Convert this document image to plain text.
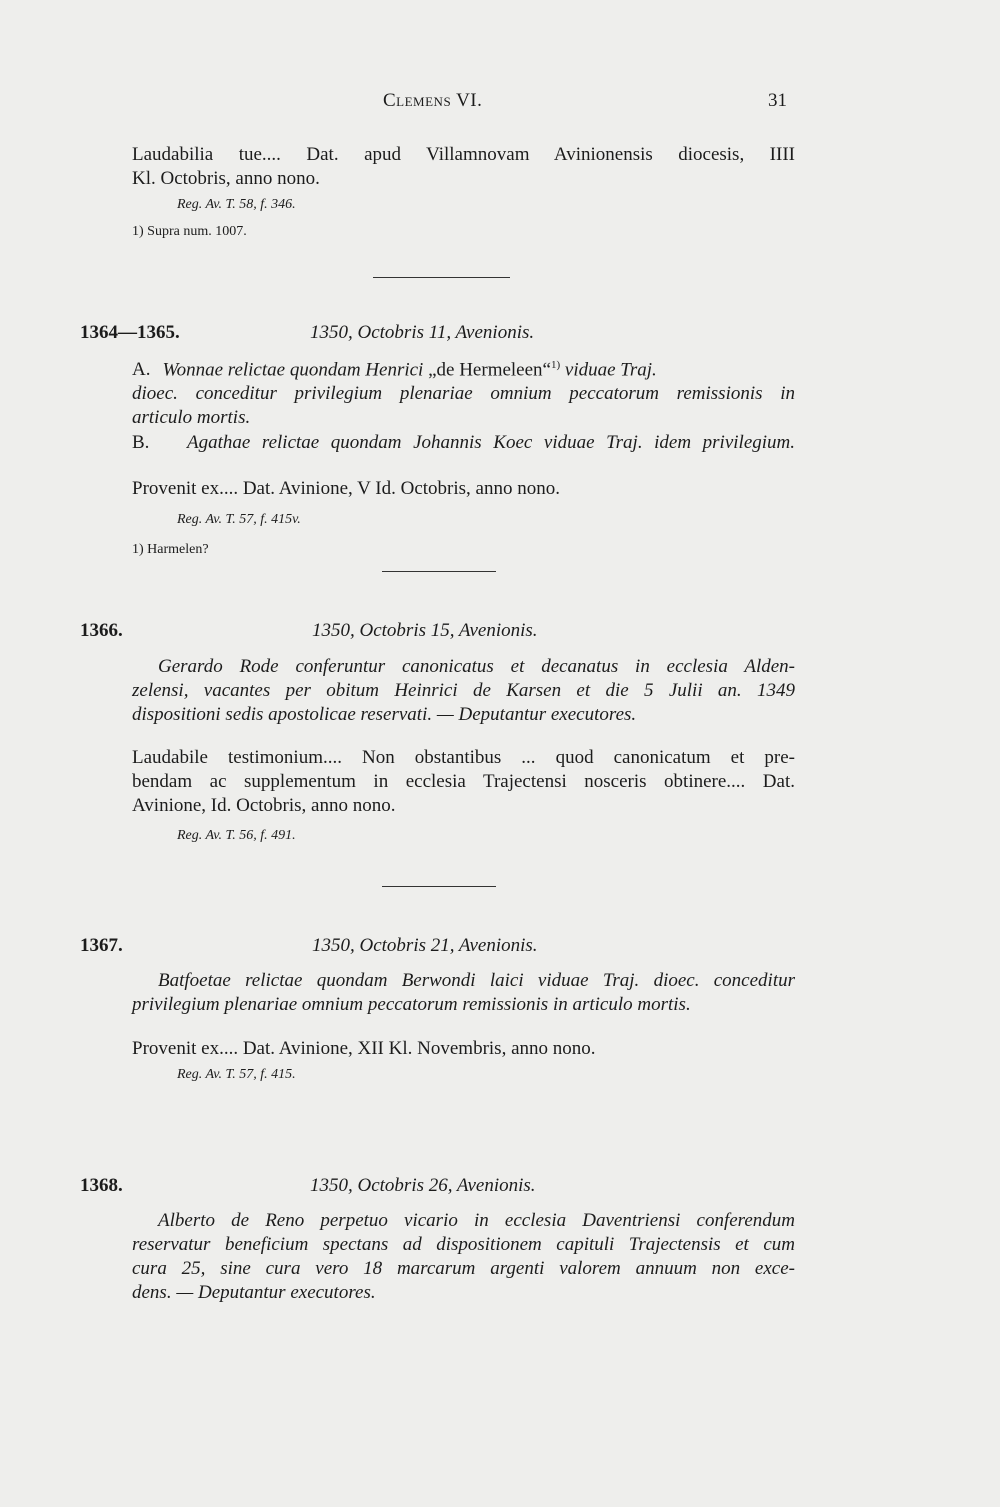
Clemens VI.	31
Laudabilia tue.... Dat. apud Villamnovam Avinionensis diocesis, IIII
Kl. Octobris, anno nono.
Reg. Av. T. 58, f. 346.
1) Supra num. 1007.
1364—1365.	1350, Octobris 11, Avenionis.
A. Wonnae relictae quondam Henrici „de Hermeleen“$^{1)}$ viduae Traj.
dioec. conceditur privilegium plenariae omnium peccatorum remissionis in
articulo mortis.
B. Agathae relictae quondam Johannis Koec viduae Traj. idem privilegium.
Provenit ex.... Dat. Avinione, V Id. Octobris, anno nono.
Reg. Av. T. 57, f. 415v.
1) Harmelen?
1366.	1350, Octobris 15, Avenionis.
Gerardo Rode conferuntur canonicatus et decanatus in ecclesia Alden-
zelensi, vacantes per obitum Heinrici de Karsen et die 5 Julii an. 1349
dispositioni sedis apostolicae reservati. — Deputantur executores.
Laudabile testimonium.... Non obstantibus ... quod canonicatum et pre-
bendam ac supplementum in ecclesia Trajectensi nosceris obtinere.... Dat.
Avinione, Id. Octobris, anno nono.
Reg. Av. T. 56, f. 491.
1367.	1350, Octobris 21, Avenionis.
Batfoetae relictae quondam Berwondi laici viduae Traj. dioec. conceditur
privilegium plenariae omnium peccatorum remissionis in articulo mortis.
Provenit ex.... Dat. Avinione, XII Kl. Novembris, anno nono.
Reg. Av. T. 57, f. 415.
1368.	1350, Octobris 26, Avenionis.
Alberto de Reno perpetuo vicario in ecclesia Daventriensi conferendum
reservatur beneficium spectans ad dispositionem capituli Trajectensis et cum
cura 25, sine cura vero 18 marcarum argenti valorem annuum non exce-
dens. — Deputantur executores.
